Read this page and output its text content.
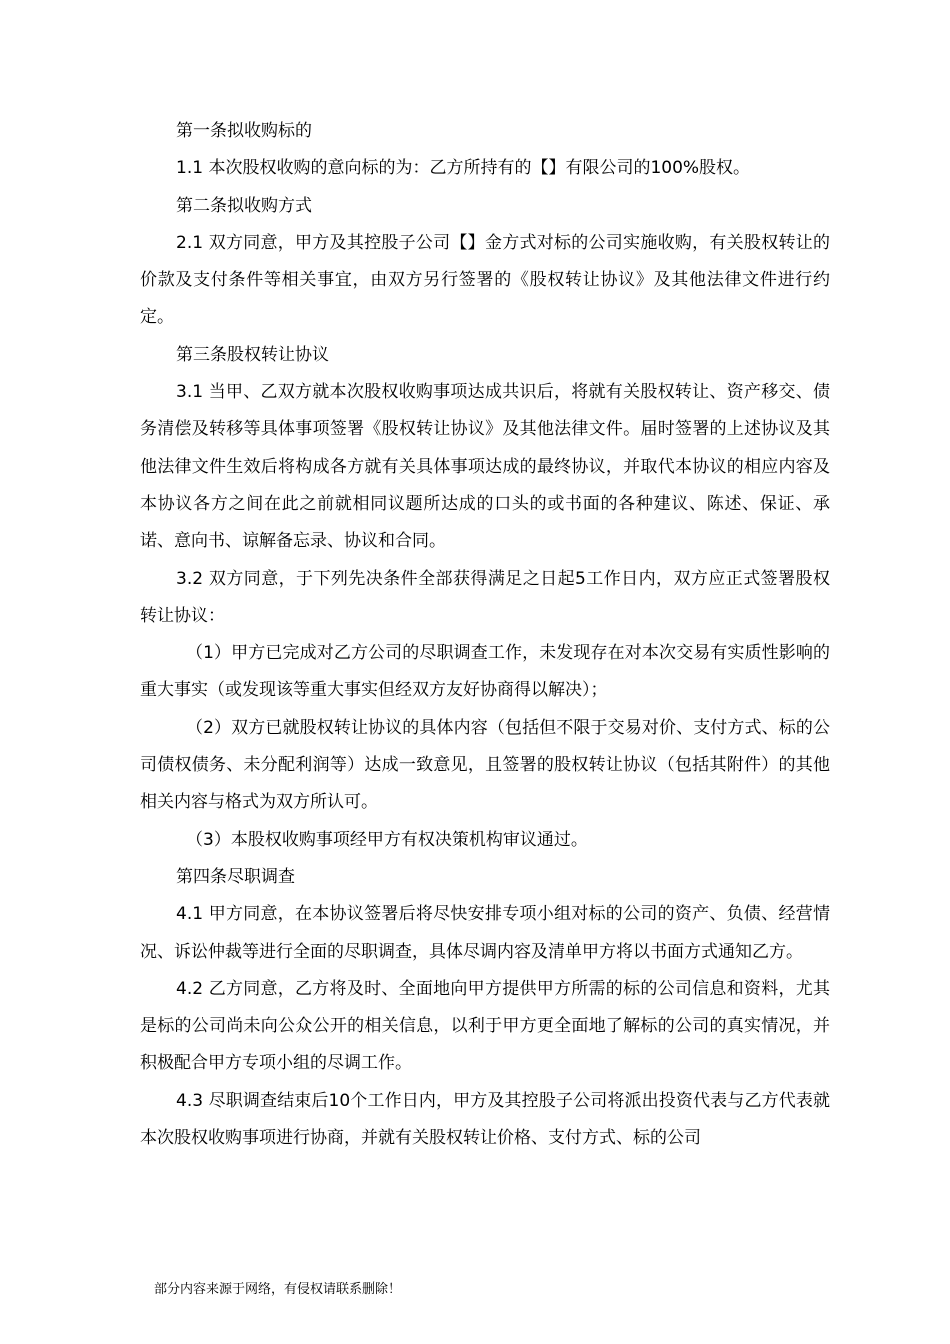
第一条拟收购标的

1.1 本次股权收购的意向标的为：乙方所持有的【】有限公司的100%股权。

第二条拟收购方式

2.1 双方同意，甲方及其控股子公司【】金方式对标的公司实施收购，有关股权转让的价款及支付条件等相关事宜，由双方另行签署的《股权转让协议》及其他法律文件进行约定。

第三条股权转让协议

3.1 当甲、乙双方就本次股权收购事项达成共识后，将就有关股权转让、资产移交、债务清偿及转移等具体事项签署《股权转让协议》及其他法律文件。届时签署的上述协议及其他法律文件生效后将构成各方就有关具体事项达成的最终协议，并取代本协议的相应内容及本协议各方之间在此之前就相同议题所达成的口头的或书面的各种建议、陈述、保证、承诺、意向书、谅解备忘录、协议和合同。

3.2 双方同意，于下列先决条件全部获得满足之日起5工作日内，双方应正式签署股权转让协议：

（1）甲方已完成对乙方公司的尽职调查工作，未发现存在对本次交易有实质性影响的重大事实（或发现该等重大事实但经双方友好协商得以解决）；

（2）双方已就股权转让协议的具体内容（包括但不限于交易对价、支付方式、标的公司债权债务、未分配利润等）达成一致意见，且签署的股权转让协议（包括其附件）的其他相关内容与格式为双方所认可。

（3）本股权收购事项经甲方有权决策机构审议通过。

第四条尽职调查

4.1 甲方同意，在本协议签署后将尽快安排专项小组对标的公司的资产、负债、经营情况、诉讼仲裁等进行全面的尽职调查，具体尽调内容及清单甲方将以书面方式通知乙方。

4.2 乙方同意，乙方将及时、全面地向甲方提供甲方所需的标的公司信息和资料，尤其是标的公司尚未向公众公开的相关信息，以利于甲方更全面地了解标的公司的真实情况，并积极配合甲方专项小组的尽调工作。

4.3 尽职调查结束后10个工作日内，甲方及其控股子公司将派出投资代表与乙方代表就本次股权收购事项进行协商，并就有关股权转让价格、支付方式、标的公司

部分内容来源于网络，有侵权请联系删除！
